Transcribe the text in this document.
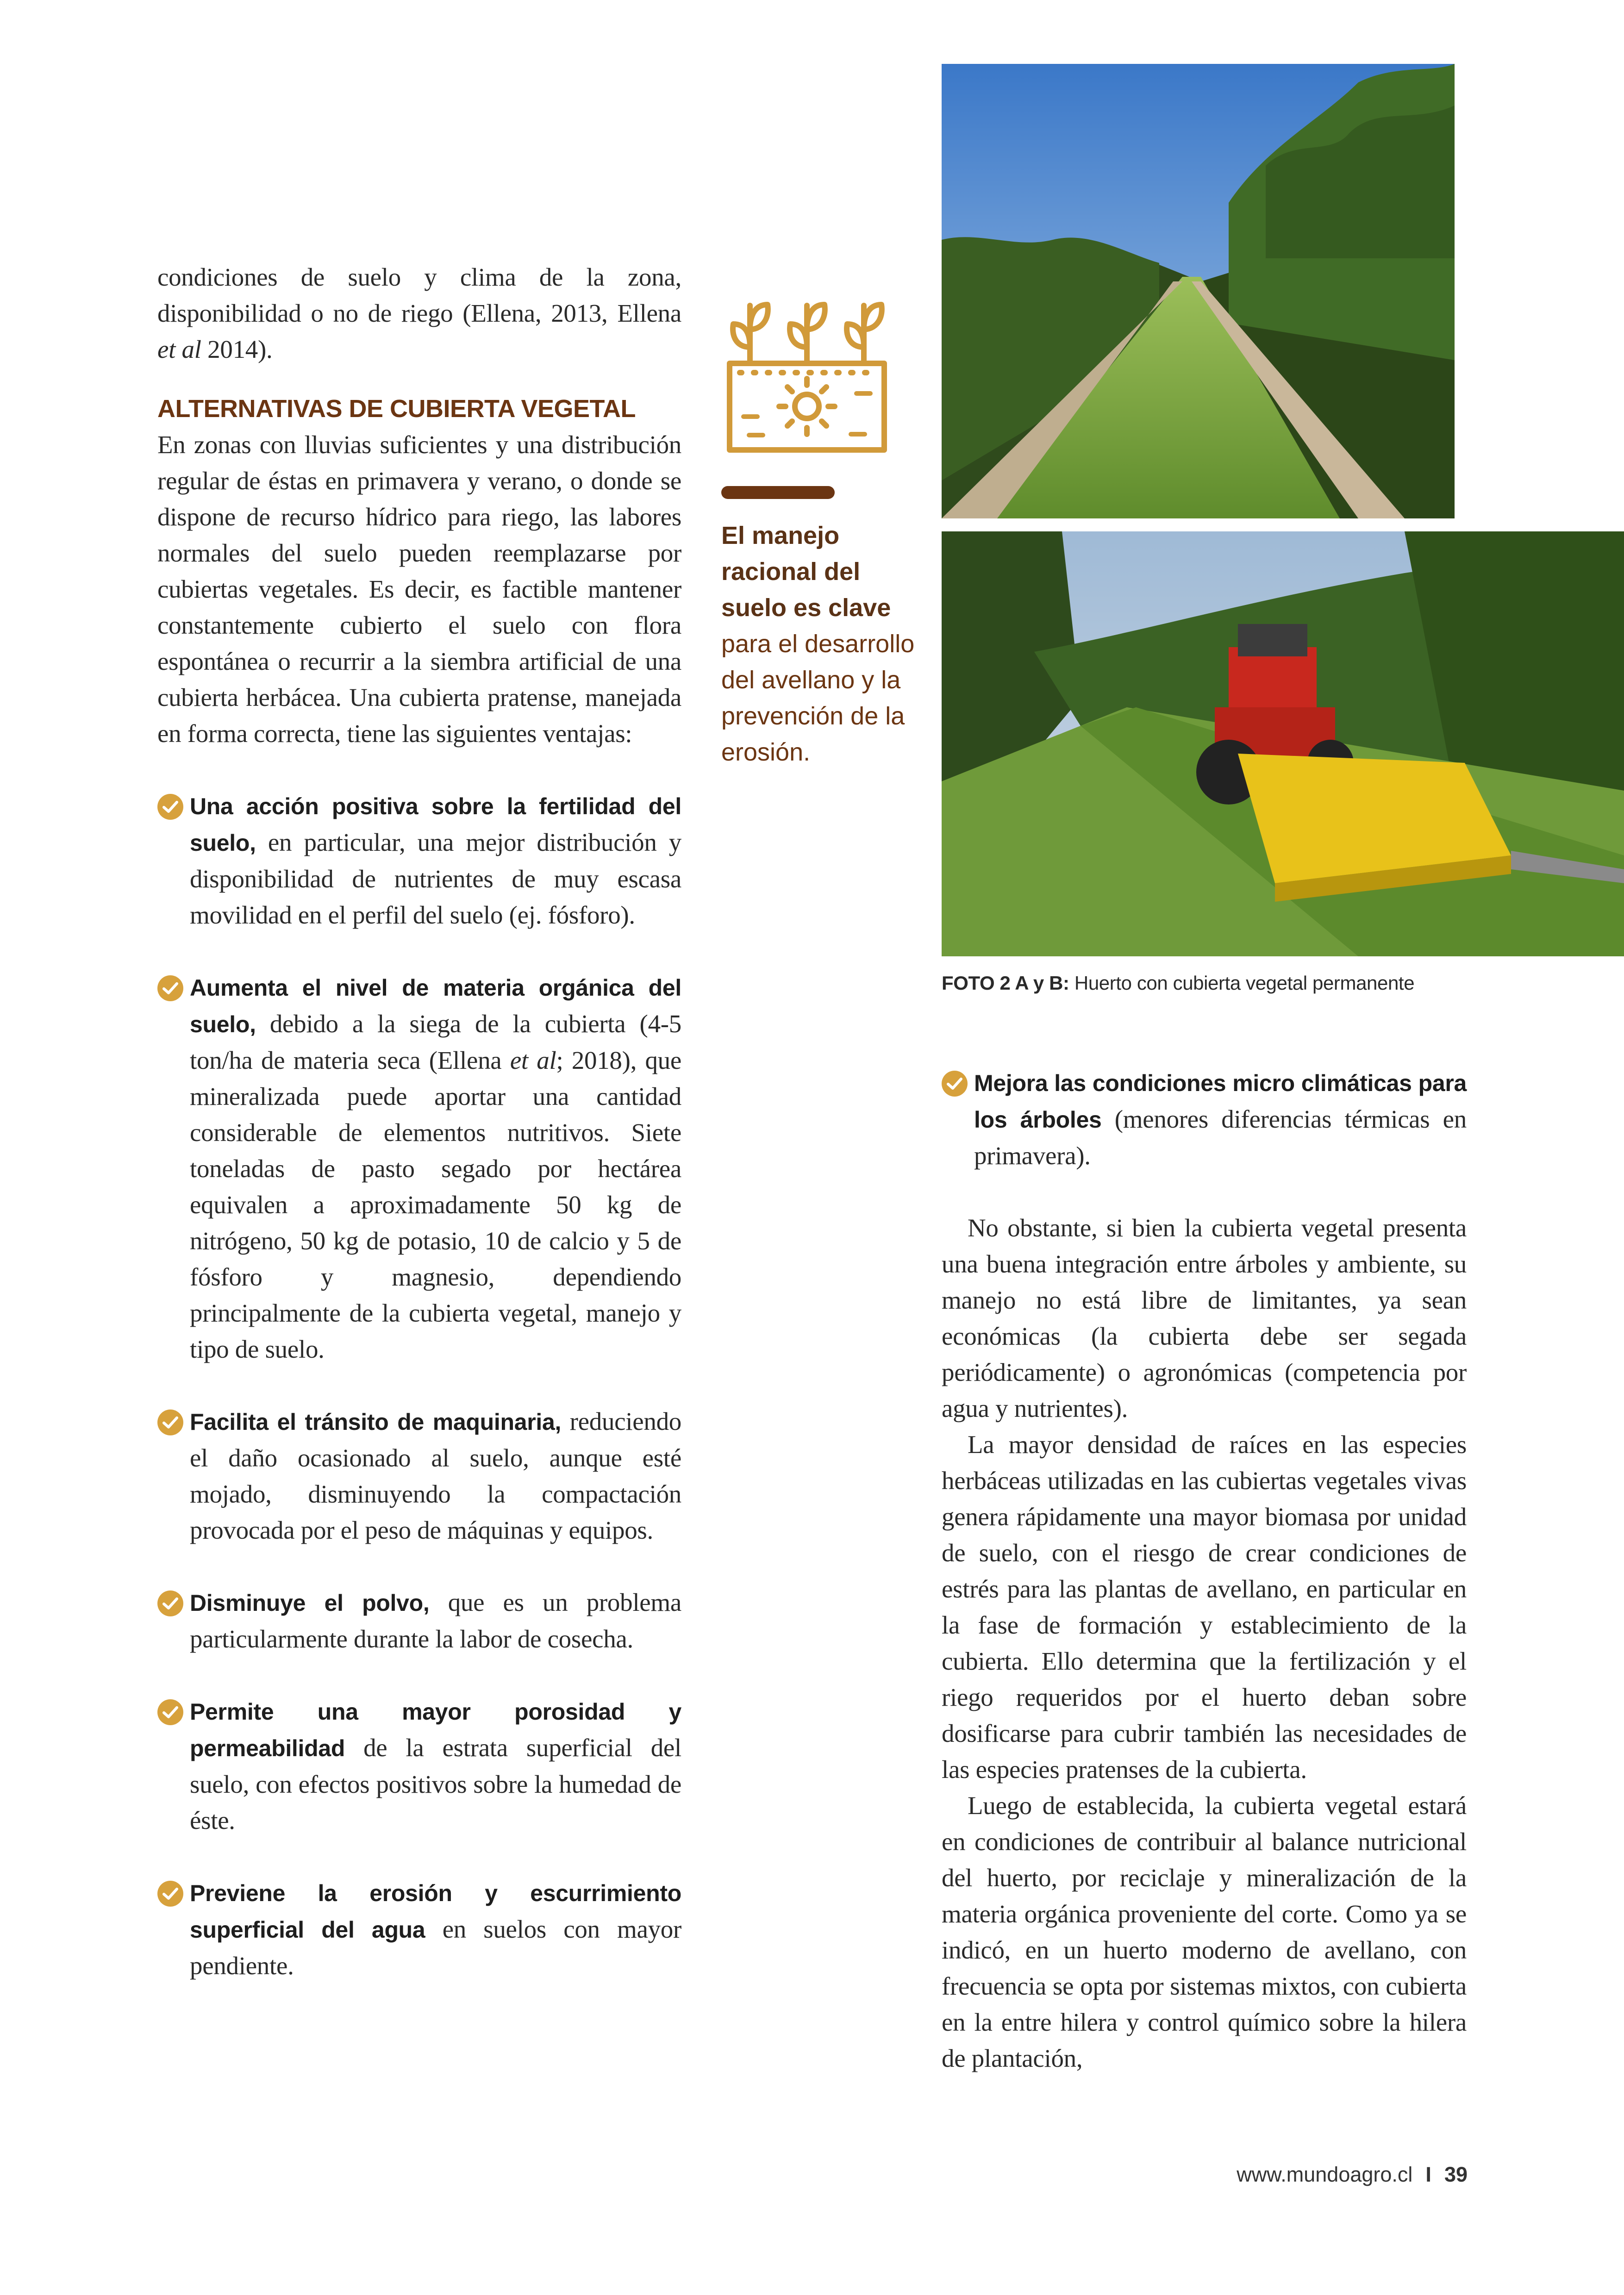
condiciones de suelo y clima de la zona, disponibilidad o no de riego (Ellena, 2013, Ellena et al 2014).

ALTERNATIVAS DE CUBIERTA VEGETAL

En zonas con lluvias suficientes y una distribución regular de éstas en primavera y verano, o donde se dispone de recurso hídrico para riego, las labores normales del suelo pueden reemplazarse por cubiertas vegetales. Es decir, es factible mantener constantemente cubierto el suelo con flora espontánea o recurrir a la siembra artificial de una cubierta herbácea. Una cubierta pratense, manejada en forma correcta, tiene las siguientes ventajas:

Una acción positiva sobre la fertilidad del suelo, en particular, una mejor distribución y disponibilidad de nutrientes de muy escasa movilidad en el perfil del suelo (ej. fósforo).

Aumenta el nivel de materia orgánica del suelo, debido a la siega de la cubierta (4-5 ton/ha de materia seca (Ellena et al; 2018), que mineralizada puede aportar una cantidad considerable de elementos nutritivos. Siete toneladas de pasto segado por hectárea equivalen a aproximadamente 50 kg de nitrógeno, 50 kg de potasio, 10 de calcio y 5 de fósforo y magnesio, dependiendo principalmente de la cubierta vegetal, manejo y tipo de suelo.

Facilita el tránsito de maquinaria, reduciendo el daño ocasionado al suelo, aunque esté mojado, disminuyendo la compactación provocada por el peso de máquinas y equipos.

Disminuye el polvo, que es un problema particularmente durante la labor de cosecha.

Permite una mayor porosidad y permeabilidad de la estrata superficial del suelo, con efectos positivos sobre la humedad de éste.

Previene la erosión y escurrimiento superficial del agua en suelos con mayor pendiente.

El manejo racional del suelo es clave para el desarrollo del avellano y la prevención de la erosión.
FOTO 2 A y B: Huerto con cubierta vegetal permanente

Mejora las condiciones micro climáticas para los árboles (menores diferencias térmicas en primavera).

No obstante, si bien la cubierta vegetal presenta una buena integración entre árboles y ambiente, su manejo no está libre de limitantes, ya sean económicas (la cubierta debe ser segada periódicamente) o agronómicas (competencia por agua y nutrientes).

La mayor densidad de raíces en las especies herbáceas utilizadas en las cubiertas vegetales vivas genera rápidamente una mayor biomasa por unidad de suelo, con el riesgo de crear condiciones de estrés para las plantas de avellano, en particular en la fase de formación y establecimiento de la cubierta. Ello determina que la fertilización y el riego requeridos por el huerto deban sobre dosificarse para cubrir también las necesidades de las especies pratenses de la cubierta.

Luego de establecida, la cubierta vegetal estará en condiciones de contribuir al balance nutricional del huerto, por reciclaje y mineralización de la materia orgánica proveniente del corte. Como ya se indicó, en un huerto moderno de avellano, con frecuencia se opta por sistemas mixtos, con cubierta en la entre hilera y control químico sobre la hilera de plantación,

www.mundoagro.cl I 39
